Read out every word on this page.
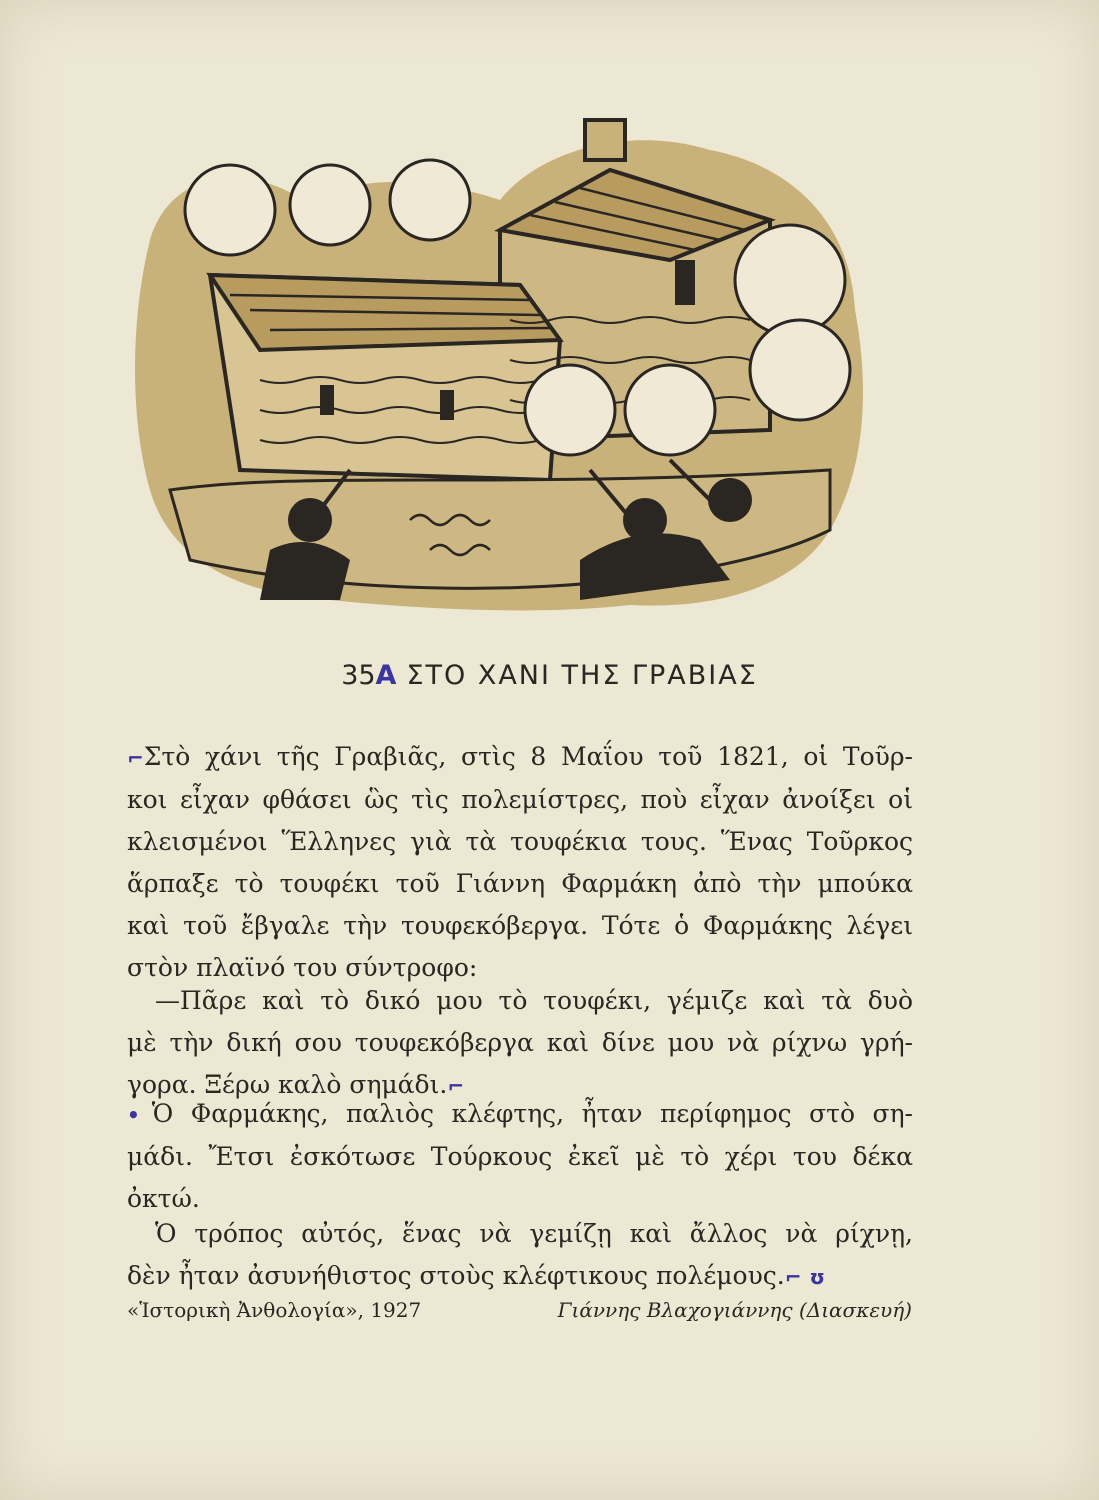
35A ΣΤΟ ΧΑΝΙ ΤΗΣ ΓΡΑΒΙΑΣ
⌐Στὸ χάνι τῆς Γραβιᾶς, στὶς 8 Μαΐου τοῦ 1821, οἱ Τοῦρ-
κοι εἶχαν φθάσει ὣς τὶς πολεμίστρες, ποὺ εἶχαν ἀνοίξει οἱ
κλεισμένοι Ἕλληνες γιὰ τὰ τουφέκια τους. Ἕνας Τοῦρκος
ἅρπαξε τὸ τουφέκι τοῦ Γιάννη Φαρμάκη ἀπὸ τὴν μπούκα
καὶ τοῦ ἔβγαλε τὴν τουφεκόβεργα. Τότε ὁ Φαρμάκης λέγει
στὸν πλαϊνό του σύντροφο:
—Πᾶρε καὶ τὸ δικό μου τὸ τουφέκι, γέμιζε καὶ τὰ δυὸ
μὲ τὴν δική σου τουφεκόβεργα καὶ δίνε μου νὰ ρίχνω γρή-
γορα. Ξέρω καλὸ σημάδι.⌐
• Ὁ Φαρμάκης, παλιὸς κλέφτης, ἦταν περίφημος στὸ ση-
μάδι. Ἔτσι ἐσκότωσε Τούρκους ἐκεῖ μὲ τὸ χέρι του δέκα
ὀκτώ.
Ὁ τρόπος αὐτός, ἕνας νὰ γεμίζῃ καὶ ἄλλος νὰ ρίχνῃ,
δὲν ἦταν ἀσυνήθιστος στοὺς κλέφτικους πολέμους.⌐ ʊ
«Ἱστορικὴ Ἀνθολογία», 1927	Γιάννης Βλαχογιάννης (Διασκευή)
